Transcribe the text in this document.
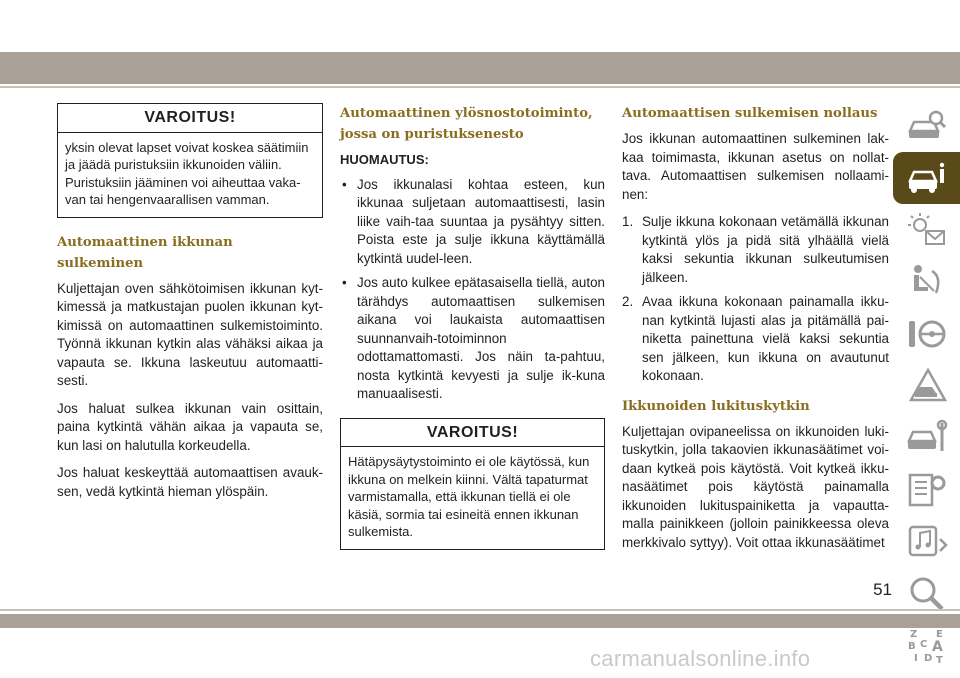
VAROITUS!
yksin olevat lapset voivat koskea säätimiin ja jäädä puristuksiin ikkunoiden väliin. Puristuksiin jääminen voi aiheuttaa vaka-van tai hengenvaarallisen vamman.
Automaattinen ikkunan sulkeminen
Kuljettajan oven sähkötoimisen ikkunan kyt-kimessä ja matkustajan puolen ikkunan kyt-kimissä on automaattinen sulkemistoiminto. Työnnä ikkunan kytkin alas vähäksi aikaa ja vapauta se. Ikkuna laskeutuu automaatti-sesti.
Jos haluat sulkea ikkunan vain osittain, paina kytkintä vähän aikaa ja vapauta se, kun lasi on halutulla korkeudella.
Jos haluat keskeyttää automaattisen avauk-sen, vedä kytkintä hieman ylöspäin.
Automaattinen ylösnostotoiminto, jossa on puristuksenesto
HUOMAUTUS:
• Jos ikkunalasi kohtaa esteen, kun ikkunaa suljetaan automaattisesti, lasin liike vaih-taa suuntaa ja pysähtyy sitten. Poista este ja sulje ikkuna käyttämällä kytkintä uudel-leen.
• Jos auto kulkee epätasaisella tiellä, auton tärähdys automaattisen sulkemisen aikana voi laukaista automaattisen suunnanvaih-totoiminnon odottamattomasti. Jos näin ta-pahtuu, nosta kytkintä kevyesti ja sulje ik-kuna manuaalisesti.
VAROITUS!
Hätäpysäytystoiminto ei ole käytössä, kun ikkuna on melkein kiinni. Vältä tapaturmat varmistamalla, että ikkunan tiellä ei ole käsiä, sormia tai esineitä ennen ikkunan sulkemista.
Automaattisen sulkemisen nollaus
Jos ikkunan automaattinen sulkeminen lak-kaa toimimasta, ikkunan asetus on nollat-tava. Automaattisen sulkemisen nollaami-nen:
1. Sulje ikkuna kokonaan vetämällä ikkunan kytkintä ylös ja pidä sitä ylhäällä vielä kaksi sekuntia ikkunan sulkeutumisen jälkeen.
2. Avaa ikkuna kokonaan painamalla ikku-nan kytkintä lujasti alas ja pitämällä pai-niketta painettuna vielä kaksi sekuntia sen jälkeen, kun ikkuna on avautunut kokonaan.
Ikkunoiden lukituskytkin
Kuljettajan ovipaneelissa on ikkunoiden luki-tuskytkin, jolla takaovien ikkunasäätimet voi-daan kytkeä pois käytöstä. Voit kytkeä ikku-nasäätimet pois käytöstä painamalla ikkunoiden lukituspainiketta ja vapautta-malla painikkeen (jolloin painikkeessa oleva merkkivalo syttyy). Voit ottaa ikkunasäätimet
Z E
B A
C
I D T
51
carmanualsonline.info
